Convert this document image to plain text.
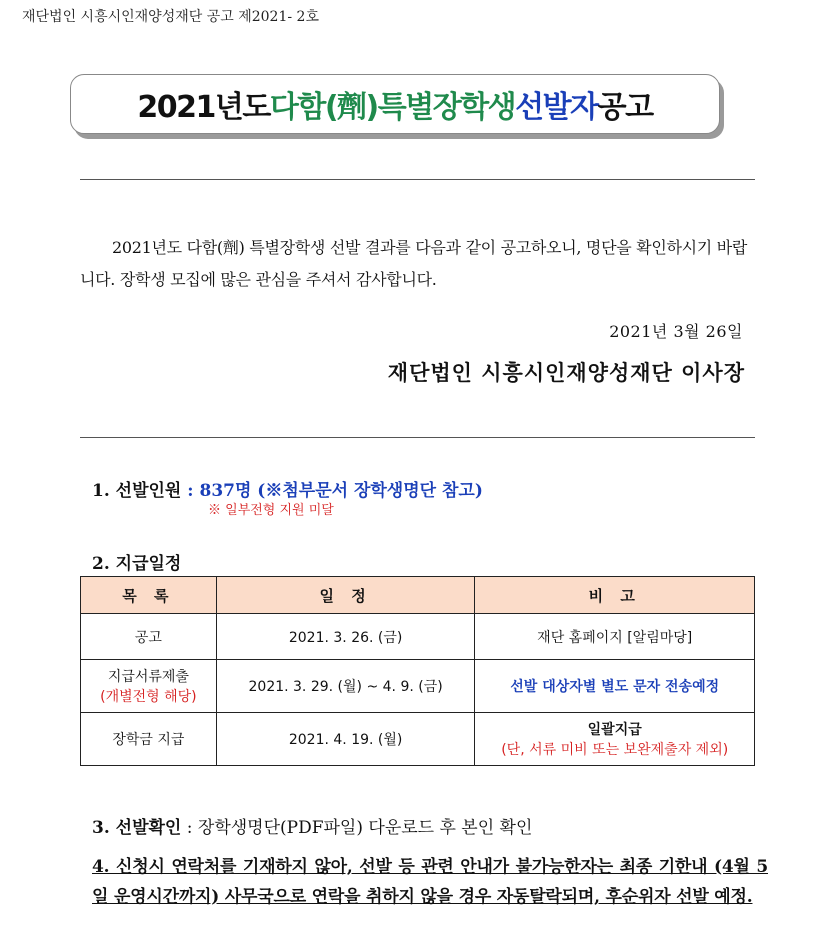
재단법인 시흥시인재양성재단 공고 제2021- 2호
2021년도 다함(劑) 특별장학생 선발자 공고
2021년도 다함(劑) 특별장학생 선발 결과를 다음과 같이 공고하오니, 명단을 확인하시기 바랍니다. 장학생 모집에 많은 관심을 주셔서 감사합니다.
2021년 3월 26일
재단법인 시흥시인재양성재단 이사장
1. 선발인원 : 837명 (※첨부문서 장학생명단 참고)
※ 일부전형 지원 미달
2. 지급일정
목 록	일 정	비 고
공고	2021. 3. 26. (금)	재단 홈페이지 [알림마당]

지급서류제출
(개별전형 해당)	2021. 3. 29. (월) ~ 4. 9. (금)	선발 대상자별 별도 문자 전송예정
장학금 지급	2021. 4. 19. (월)	일괄지급
(단, 서류 미비 또는 보완제출자 제외)
3. 선발확인 : 장학생명단(PDF파일) 다운로드 후 본인 확인
4. 신청시 연락처를 기재하지 않아, 선발 등 관련 안내가 불가능한자는 최종 기한내 (4월 5일 운영시간까지) 사무국으로 연락을 취하지 않을 경우 자동탈락되며, 후순위자 선발 예정.
